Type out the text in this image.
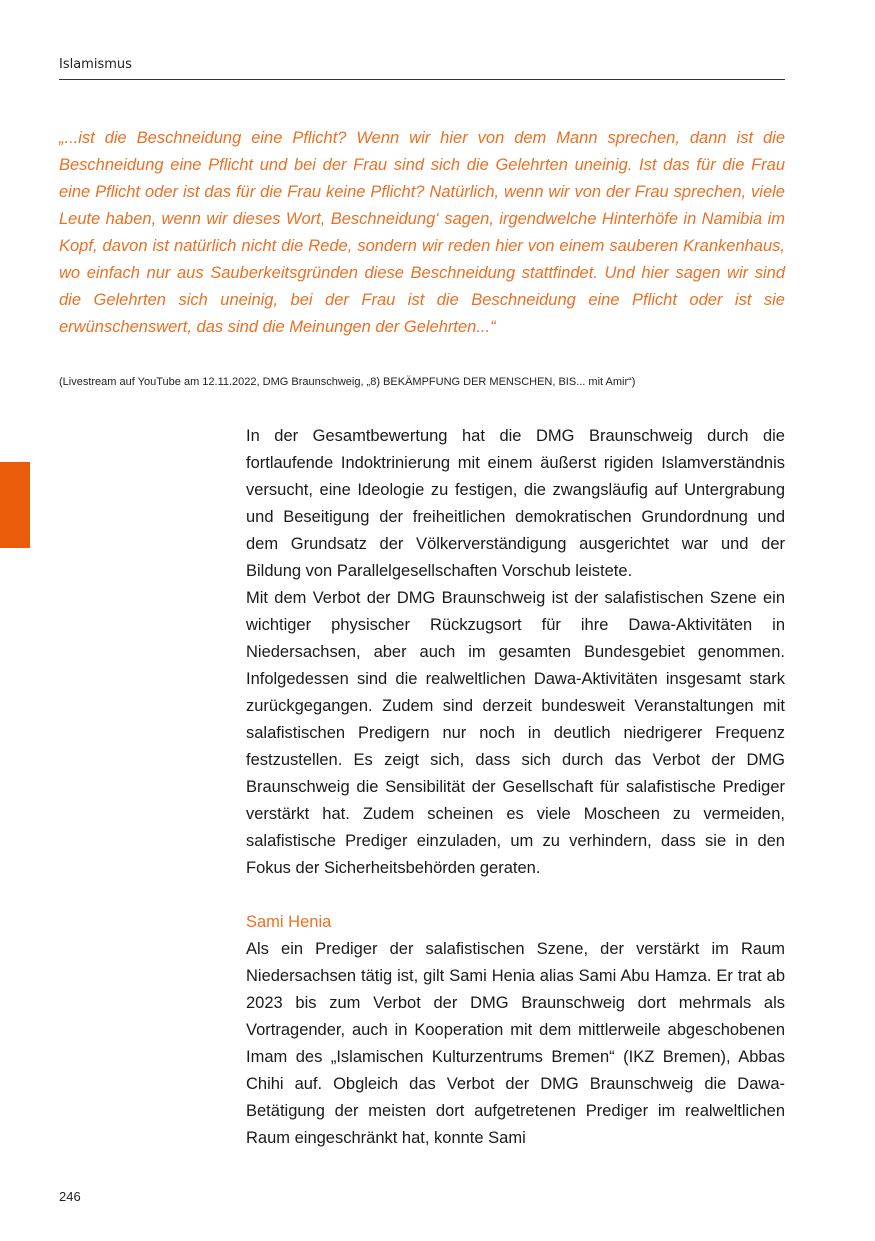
Islamismus

„...ist die Beschneidung eine Pflicht? Wenn wir hier von dem Mann sprechen, dann ist die Beschneidung eine Pflicht und bei der Frau sind sich die Gelehrten uneinig. Ist das für die Frau eine Pflicht oder ist das für die Frau keine Pflicht? Natürlich, wenn wir von der Frau sprechen, viele Leute haben, wenn wir dieses Wort, Beschneidung‘ sagen, irgendwelche Hinterhöfe in Namibia im Kopf, davon ist natürlich nicht die Rede, sondern wir reden hier von einem sauberen Krankenhaus, wo einfach nur aus Sauberkeitsgründen diese Beschneidung stattfindet. Und hier sagen wir sind die Gelehrten sich uneinig, bei der Frau ist die Beschneidung eine Pflicht oder ist sie erwünschenswert, das sind die Meinungen der Gelehrten...“

(Livestream auf YouTube am 12.11.2022, DMG Braunschweig, „8) BEKÄMPFUNG DER MENSCHEN, BIS... mit Amir“)

In der Gesamtbewertung hat die DMG Braunschweig durch die fortlaufende Indoktrinierung mit einem äußerst rigiden Islamverständnis versucht, eine Ideologie zu festigen, die zwangsläufig auf Untergrabung und Beseitigung der freiheitlichen demokratischen Grundordnung und dem Grundsatz der Völkerverständigung ausgerichtet war und der Bildung von Parallelgesellschaften Vorschub leistete.

Mit dem Verbot der DMG Braunschweig ist der salafistischen Szene ein wichtiger physischer Rückzugsort für ihre Dawa-Aktivitäten in Niedersachsen, aber auch im gesamten Bundesgebiet genommen. Infolgedessen sind die realweltlichen Dawa-Aktivitäten insgesamt stark zurückgegangen. Zudem sind derzeit bundesweit Veranstaltungen mit salafistischen Predigern nur noch in deutlich niedrigerer Frequenz festzustellen. Es zeigt sich, dass sich durch das Verbot der DMG Braunschweig die Sensibilität der Gesellschaft für salafistische Prediger verstärkt hat. Zudem scheinen es viele Moscheen zu vermeiden, salafistische Prediger einzuladen, um zu verhindern, dass sie in den Fokus der Sicherheitsbehörden geraten.

Sami Henia

Als ein Prediger der salafistischen Szene, der verstärkt im Raum Niedersachsen tätig ist, gilt Sami Henia alias Sami Abu Hamza. Er trat ab 2023 bis zum Verbot der DMG Braunschweig dort mehrmals als Vortragender, auch in Kooperation mit dem mittlerweile abgeschobenen Imam des „Islamischen Kulturzentrums Bremen“ (IKZ Bremen), Abbas Chihi auf. Obgleich das Verbot der DMG Braunschweig die Dawa-Betätigung der meisten dort aufgetretenen Prediger im realweltlichen Raum eingeschränkt hat, konnte Sami

246
